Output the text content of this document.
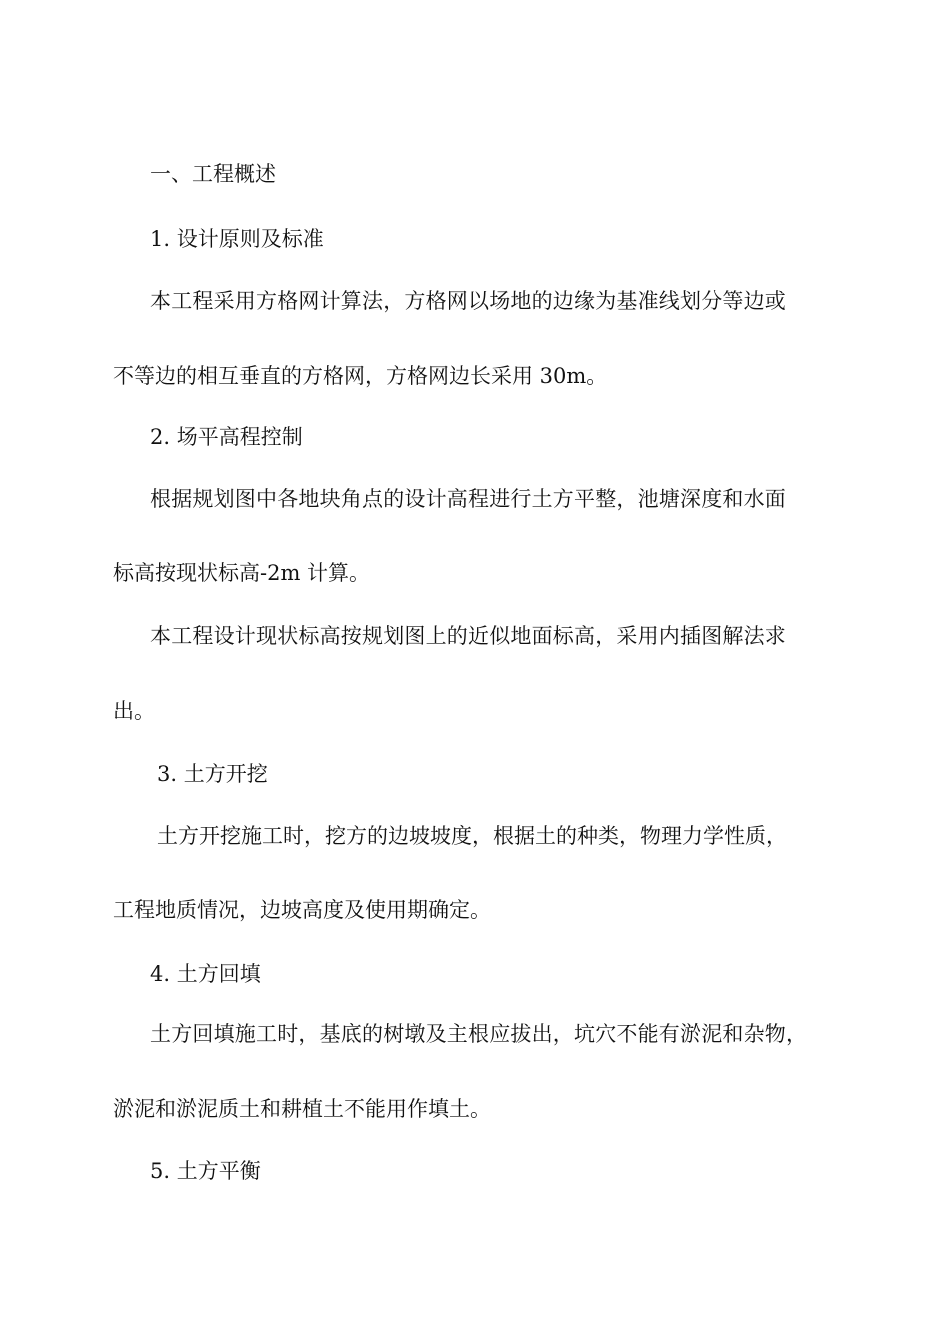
一、工程概述
1. 设计原则及标准
本工程采用方格网计算法，方格网以场地的边缘为基准线划分等边或
不等边的相互垂直的方格网，方格网边长采用 30m。
2. 场平高程控制
根据规划图中各地块角点的设计高程进行土方平整，池塘深度和水面
标高按现状标高-2m 计算。
本工程设计现状标高按规划图上的近似地面标高，采用内插图解法求
出。
3. 土方开挖
土方开挖施工时，挖方的边坡坡度，根据土的种类，物理力学性质，
工程地质情况，边坡高度及使用期确定。
4. 土方回填
土方回填施工时，基底的树墩及主根应拔出，坑穴不能有淤泥和杂物，
淤泥和淤泥质土和耕植土不能用作填土。
5. 土方平衡
